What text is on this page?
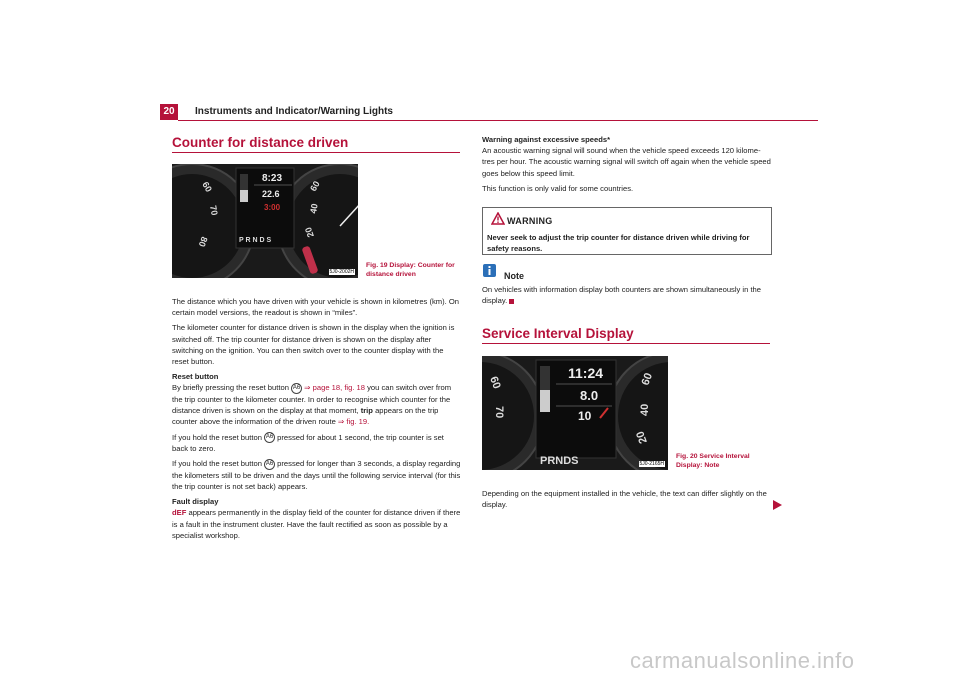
20	Instruments and Indicator/Warning Lights
Counter for distance driven
60
70
80
60
40
20
8:23
22.6
3:00
P R N D S
5J0-2002H
Fig. 19 Display: Counter for distance driven

The distance which you have driven with your vehicle is shown in kilometres (km). On certain model versions, the readout is shown in “miles”.

The kilometer counter for distance driven is shown in the display when the ignition is switched off. The trip counter for distance driven is shown on the display after switching on the ignition. You can then switch over to the counter display with the reset button.

Reset button

By briefly pressing the reset button A6 ⇒ page 18, fig. 18 you can switch over from the trip counter to the kilometer counter. In order to recognise which counter for the distance driven is shown on the display at that moment, trip appears on the trip counter above the information of the driven route ⇒ fig. 19.

If you hold the reset button A6 pressed for about 1 second, the trip counter is set back to zero.

If you hold the reset button A6 pressed for longer than 3 seconds, a display regarding the kilometers still to be driven and the days until the following service interval (for this the trip counter is not set back) appears.

Fault display

dEF appears permanently in the display field of the counter for distance driven if there is a fault in the instrument cluster. Have the fault rectified as soon as possible by a specialist workshop.

Warning against excessive speeds*

An acoustic warning signal will sound when the vehicle speed exceeds 120 kilome-tres per hour. The acoustic warning signal will switch off again when the vehicle speed goes below this speed limit.

This function is only valid for some countries.

WARNING
Never seek to adjust the trip counter for distance driven while driving for safety reasons.
Note

On vehicles with information display both counters are shown simultaneously in the display.

Service Interval Display
60
70
60
40
20
11:24
8.0
10
PRNDS	5J0-2165H
Fig. 20 Service Interval Display: Note

Depending on the equipment installed in the vehicle, the text can differ slightly on the display.

carmanualsonline.info
